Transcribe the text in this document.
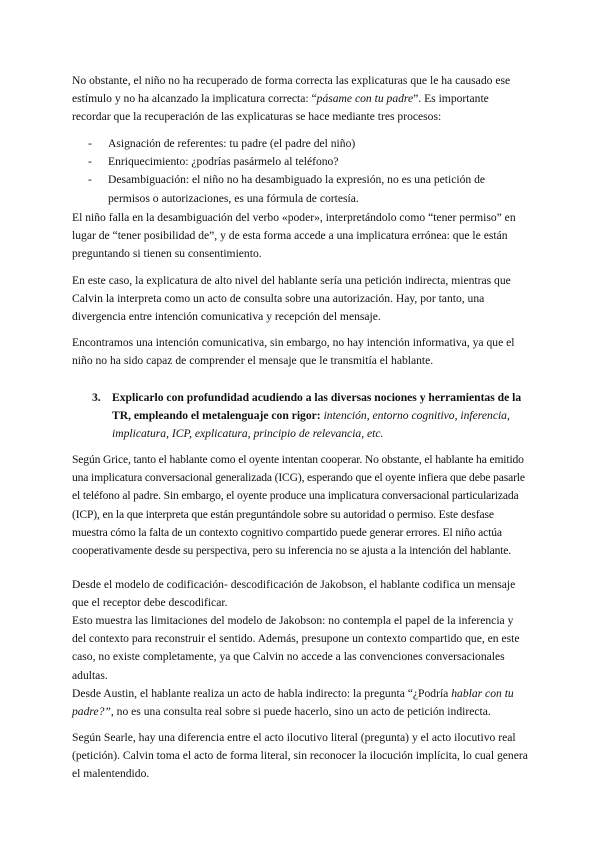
No obstante, el niño no ha recuperado de forma correcta las explicaturas que le ha causado ese estímulo y no ha alcanzado la implicatura correcta: “pásame con tu padre”. Es importante recordar que la recuperación de las explicaturas se hace mediante tres procesos:

- Asignación de referentes: tu padre (el padre del niño)
- Enriquecimiento: ¿podrías pasármelo al teléfono?
- Desambiguación: el niño no ha desambiguado la expresión, no es una petición de permisos o autorizaciones, es una fórmula de cortesía.

El niño falla en la desambiguación del verbo «poder», interpretándolo como “tener permiso” en lugar de “tener posibilidad de”, y de esta forma accede a una implicatura errónea: que le están preguntando si tienen su consentimiento.

En este caso, la explicatura de alto nivel del hablante sería una petición indirecta, mientras que Calvin la interpreta como un acto de consulta sobre una autorización. Hay, por tanto, una divergencia entre intención comunicativa y recepción del mensaje.

Encontramos una intención comunicativa, sin embargo, no hay intención informativa, ya que el niño no ha sido capaz de comprender el mensaje que le transmitía el hablante.

3. Explicarlo con profundidad acudiendo a las diversas nociones y herramientas de la TR, empleando el metalenguaje con rigor: intención, entorno cognitivo, inferencia, implicatura, ICP, explicatura, principio de relevancia, etc.

Según Grice, tanto el hablante como el oyente intentan cooperar. No obstante, el hablante ha emitido una implicatura conversacional generalizada (ICG), esperando que el oyente infiera que debe pasarle el teléfono al padre. Sin embargo, el oyente produce una implicatura conversacional particularizada (ICP), en la que interpreta que están preguntándole sobre su autoridad o permiso. Este desfase muestra cómo la falta de un contexto cognitivo compartido puede generar errores. El niño actúa cooperativamente desde su perspectiva, pero su inferencia no se ajusta a la intención del hablante.

Desde el modelo de codificación- descodificación de Jakobson, el hablante codifica un mensaje que el receptor debe descodificar.

Esto muestra las limitaciones del modelo de Jakobson: no contempla el papel de la inferencia y del contexto para reconstruir el sentido. Además, presupone un contexto compartido que, en este caso, no existe completamente, ya que Calvin no accede a las convenciones conversacionales adultas.

Desde Austin, el hablante realiza un acto de habla indirecto: la pregunta “¿Podría hablar con tu padre?”, no es una consulta real sobre si puede hacerlo, sino un acto de petición indirecta.

Según Searle, hay una diferencia entre el acto ilocutivo literal (pregunta) y el acto ilocutivo real (petición). Calvin toma el acto de forma literal, sin reconocer la ilocución implícita, lo cual genera el malentendido.
